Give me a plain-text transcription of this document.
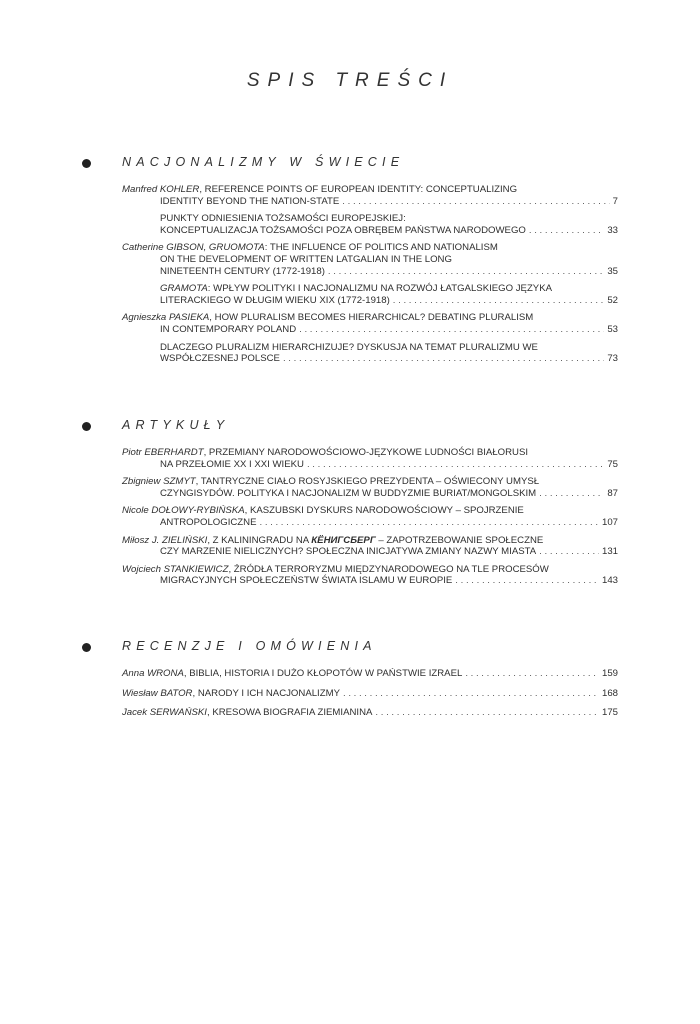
SPIS TREŚCI
NACJONALIZMY W ŚWIECIE
Manfred KOHLER, REFERENCE POINTS OF EUROPEAN IDENTITY: CONCEPTUALIZING
IDENTITY BEYOND THE NATION-STATE . . .	7
PUNKTY ODNIESIENIA TOŻSAMOŚCI EUROPEJSKIEJ:
KONCEPTUALIZACJA TOŻSAMOŚCI POZA OBRĘBEM PAŃSTWA NARODOWEGO . . .	33
Catherine GIBSON, GRUOMOTA: THE INFLUENCE OF POLITICS AND NATIONALISM
ON THE DEVELOPMENT OF WRITTEN LATGALIAN IN THE LONG
NINETEENTH CENTURY (1772-1918) . . .	35
GRAMOTA: WPŁYW POLITYKI I NACJONALIZMU NA ROZWÓJ ŁATGALSKIEGO JĘZYKA
LITERACKIEGO W DŁUGIM WIEKU XIX (1772-1918) . . .	52
Agnieszka PASIEKA, HOW PLURALISM BECOMES HIERARCHICAL? DEBATING PLURALISM
IN CONTEMPORARY POLAND . . .	53
DLACZEGO PLURALIZM HIERARCHIZUJE? DYSKUSJA NA TEMAT PLURALIZMU WE
WSPÓŁCZESNEJ POLSCE . . .	73
ARTYKUŁY
Piotr EBERHARDT, PRZEMIANY NARODOWOŚCIOWO-JĘZYKOWE LUDNOŚCI BIAŁORUSI
NA PRZEŁOMIE XX I XXI WIEKU . . .	75
Zbigniew SZMYT, TANTRYCZNE CIAŁO ROSYJSKIEGO PREZYDENTA – OŚWIECONY UMYSŁ
CZYNGISYDÓW. POLITYKA I NACJONALIZM W BUDDYZMIE BURIAT/MONGOLSKIM . . .	87
Nicole DOŁOWY-RYBIŃSKA, KASZUBSKI DYSKURS NARODOWOŚCIOWY – SPOJRZENIE
ANTROPOLOGICZNE . . .	107
Miłosz J. ZIELIŃSKI, Z KALININGRADU NA КЁНИГСБЕРГ – ZAPOTRZEBOWANIE SPOŁECZNE
CZY MARZENIE NIELICZNYCH? SPOŁECZNA INICJATYWA ZMIANY NAZWY MIASTA . . .	131
Wojciech STANKIEWICZ, ŹRÓDŁA TERRORYZMU MIĘDZYNARODOWEGO NA TLE PROCESÓW
MIGRACYJNYCH SPOŁECZEŃSTW ŚWIATA ISLAMU W EUROPIE . . .	143
RECENZJE I OMÓWIENIA
Anna WRONA, BIBLIA, HISTORIA I DUŻO KŁOPOTÓW W PAŃSTWIE IZRAEL . . .	159
Wiesław BATOR, NARODY I ICH NACJONALIZMY . . .	168
Jacek SERWAŃSKI, KRESOWA BIOGRAFIA ZIEMIANINA . . .	175
